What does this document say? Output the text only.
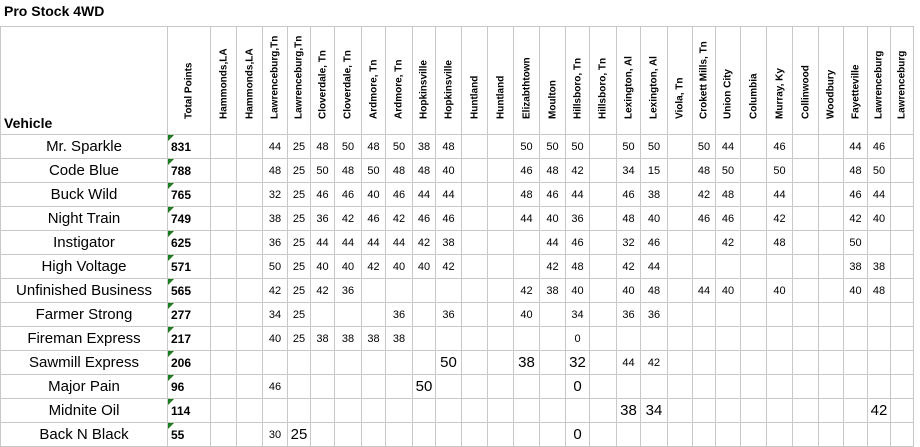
Pro Stock 4WD
Vehicle	Total Points	Hammonds,LA	Hammonds,LA	Lawrenceburg,Tn	Lawrenceburg,Tn	Cloverdale, Tn	Cloverdale, Tn	Ardmore, Tn	Ardmore, Tn	Hopkinsville	Hopkinsville	Huntland	Huntland	Elizabthtown	Moulton	Hillsboro, Tn	Hillsboro, Tn	Lexington, Al	Lexington, Al	Viola, Tn	Crokett Mills, Tn	Union City	Columbia	Murray, Ky	Collinwood	Woodbury	Fayetteville	Lawrenceburg	Lawrenceburg

Mr. Sparkle	831			44	25	48	50	48	50	38	48			50	50	50		50	50		50	44		46			44	46	
Code Blue	788			48	25	50	48	50	48	48	40			46	48	42		34	15		48	50		50			48	50	
Buck Wild	765			32	25	46	46	40	46	44	44			48	46	44		46	38		42	48		44			46	44	
Night Train	749			38	25	36	42	46	42	46	46			44	40	36		48	40		46	46		42			42	40	
Instigator	625			36	25	44	44	44	44	42	38				44	46		32	46			42		48			50		
High Voltage	571			50	25	40	40	42	40	40	42				42	48		42	44								38	38	
Unfinished Business	565			42	25	42	36							42	38	40		40	48		44	40		40			40	48	
Farmer Strong	277			34	25				36		36			40		34		36	36										
Fireman Express	217			40	25	38	38	38	38							0													
Sawmill Express	206										50			38		32		44	42										
Major Pain	96			46						50						0													
Midnite Oil	114																	38	34									42	
Back N Black	55			30	25											0													
